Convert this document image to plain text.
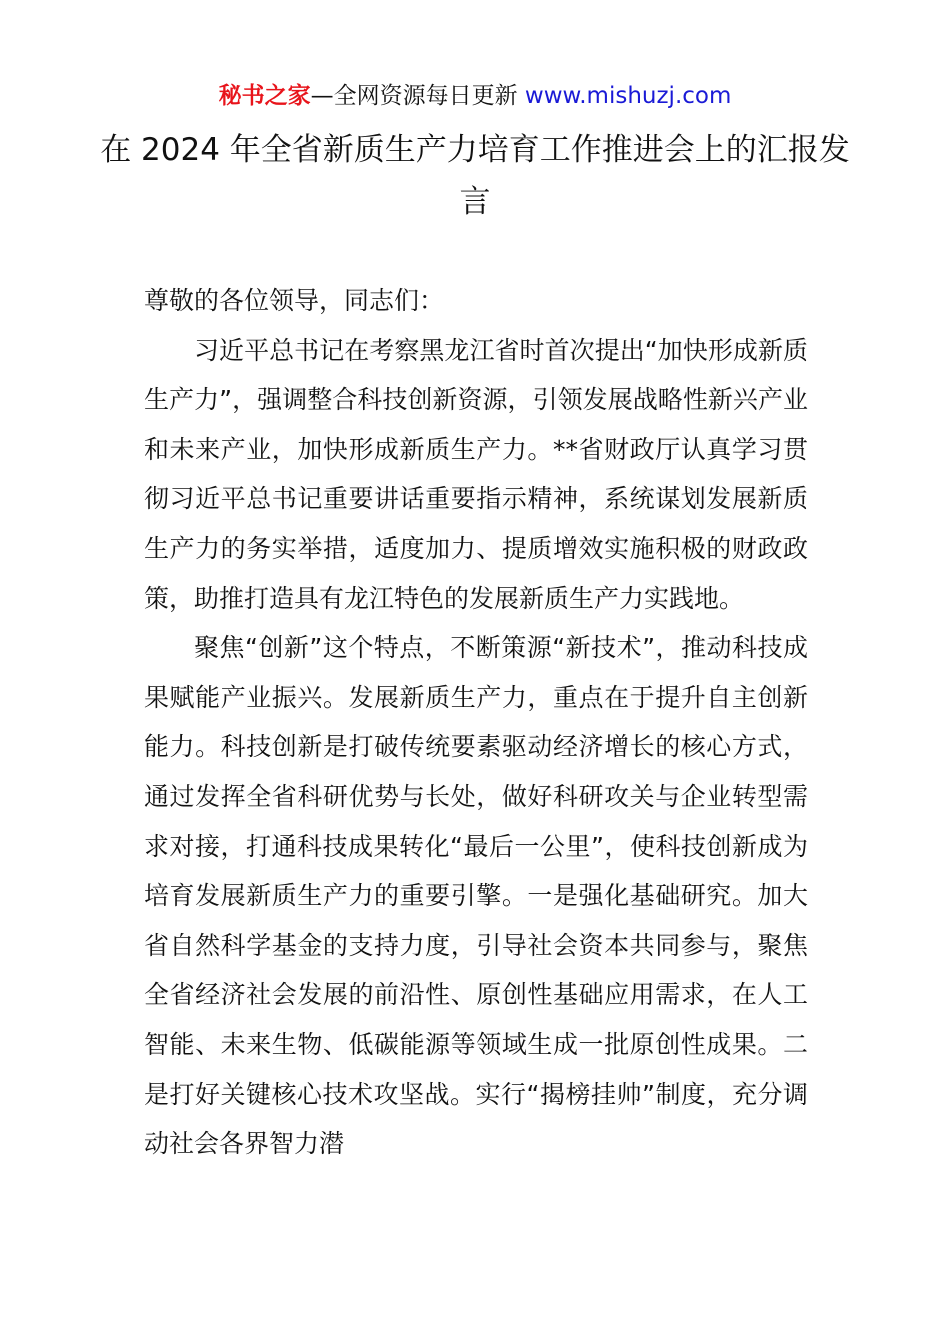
秘书之家—全网资源每日更新 www.mishuzj.com
在 2024 年全省新质生产力培育工作推进会上的汇报发言

尊敬的各位领导，同志们：

习近平总书记在考察黑龙江省时首次提出“加快形成新质生产力”，强调整合科技创新资源，引领发展战略性新兴产业和未来产业，加快形成新质生产力。**省财政厅认真学习贯彻习近平总书记重要讲话重要指示精神，系统谋划发展新质生产力的务实举措，适度加力、提质增效实施积极的财政政策，助推打造具有龙江特色的发展新质生产力实践地。

聚焦“创新”这个特点，不断策源“新技术”，推动科技成果赋能产业振兴。发展新质生产力，重点在于提升自主创新能力。科技创新是打破传统要素驱动经济增长的核心方式，通过发挥全省科研优势与长处，做好科研攻关与企业转型需求对接，打通科技成果转化“最后一公里”，使科技创新成为培育发展新质生产力的重要引擎。一是强化基础研究。加大省自然科学基金的支持力度，引导社会资本共同参与，聚焦全省经济社会发展的前沿性、原创性基础应用需求，在人工智能、未来生物、低碳能源等领域生成一批原创性成果。二是打好关键核心技术攻坚战。实行“揭榜挂帅”制度，充分调动社会各界智力潜
